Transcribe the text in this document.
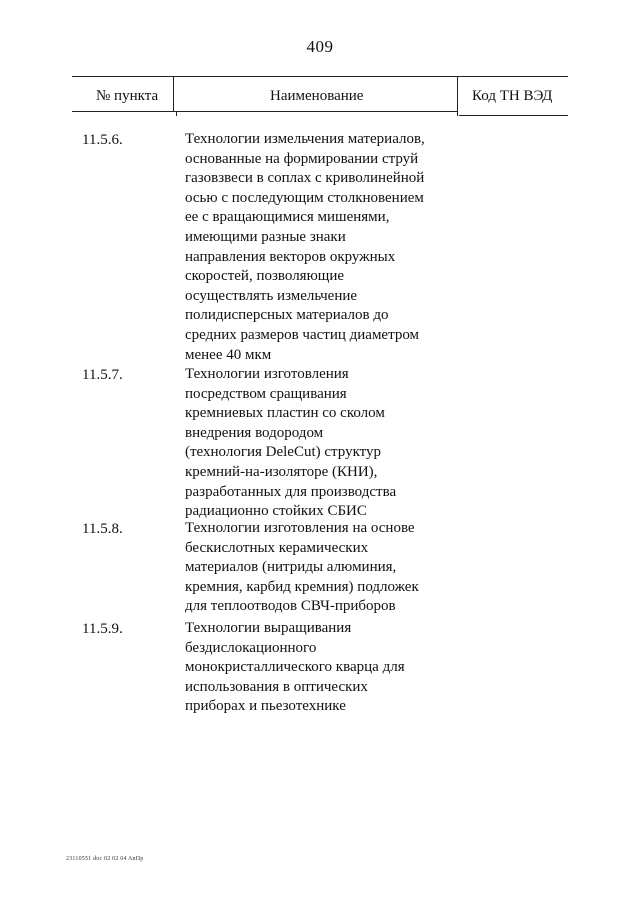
409
№ пункта	Наименование	Код ТН ВЭД
11.5.6.	Технологии измельчения материалов,
основанные на формировании струй
газовзвеси в соплах с криволинейной
осью с последующим столкновением
ее с вращающимися мишенями,
имеющими разные знаки
направления векторов окружных
скоростей, позволяющие
осуществлять измельчение
полидисперсных материалов до
средних размеров частиц диаметром
менее 40 мкм
11.5.7.	Технологии изготовления
посредством сращивания
кремниевых пластин со сколом
внедрения водородом
(технология DeleCut) структур
кремний-на-изоляторе (КНИ),
разработанных для производства
радиационно стойких СБИС
11.5.8.	Технологии изготовления на основе
бескислотных керамических
материалов (нитриды алюминия,
кремния, карбид кремния) подложек
для теплоотводов СВЧ-приборов
11.5.9.	Технологии выращивания
бездислокационного
монокристаллического кварца для
использования в оптических
приборах и пьезотехнике
23110551 doc 02 02 04 AnПр
